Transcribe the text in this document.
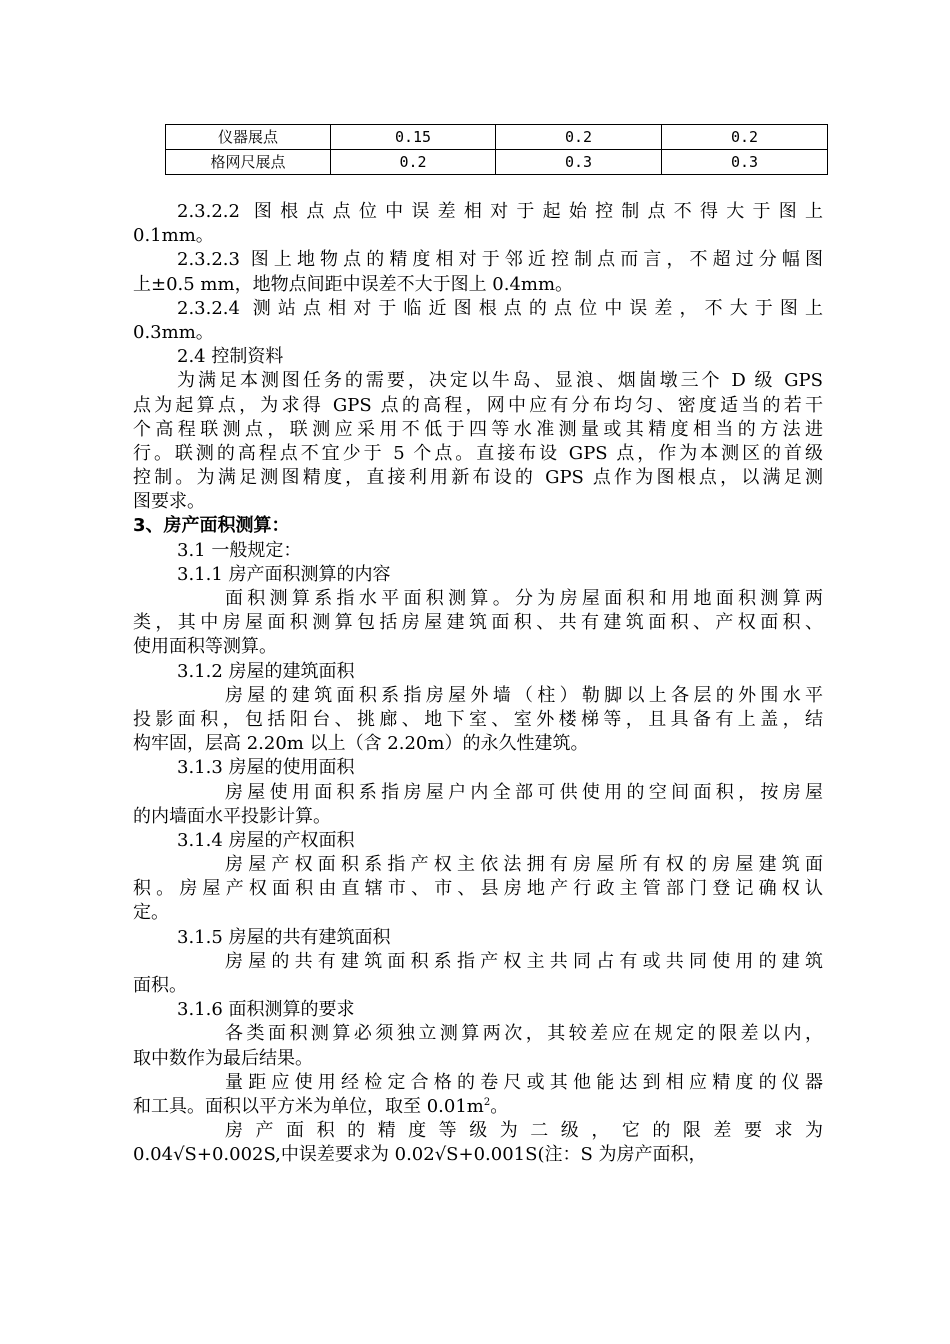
仪器展点	0.15	0.2	0.2
格网尺展点	0.2	0.3	0.3
2.3.2.2 图根点点位中误差相对于起始控制点不得大于图上
0.1mm。
2.3.2.3 图上地物点的精度相对于邻近控制点而言，不超过分幅图
上±0.5 mm，地物点间距中误差不大于图上 0.4mm。
2.3.2.4 测站点相对于临近图根点的点位中误差，不大于图上
0.3mm。
2.4 控制资料
为满足本测图任务的需要，决定以牛岛、显浪、烟崮墩三个 D 级 GPS
点为起算点，为求得 GPS 点的高程，网中应有分布均匀、密度适当的若干
个高程联测点，联测应采用不低于四等水准测量或其精度相当的方法进
行。联测的高程点不宜少于 5 个点。直接布设 GPS 点，作为本测区的首级
控制。为满足测图精度，直接利用新布设的 GPS 点作为图根点，以满足测
图要求。
3、房产面积测算：
3.1 一般规定：
3.1.1 房产面积测算的内容
面积测算系指水平面积测算。分为房屋面积和用地面积测算两
类，其中房屋面积测算包括房屋建筑面积、共有建筑面积、产权面积、
使用面积等测算。
3.1.2 房屋的建筑面积
房屋的建筑面积系指房屋外墙（柱）勒脚以上各层的外围水平
投影面积，包括阳台、挑廊、地下室、室外楼梯等，且具备有上盖，结
构牢固，层高 2.20m 以上（含 2.20m）的永久性建筑。
3.1.3 房屋的使用面积
房屋使用面积系指房屋户内全部可供使用的空间面积，按房屋
的内墙面水平投影计算。
3.1.4 房屋的产权面积
房屋产权面积系指产权主依法拥有房屋所有权的房屋建筑面
积。房屋产权面积由直辖市、市、县房地产行政主管部门登记确权认
定。
3.1.5 房屋的共有建筑面积
房屋的共有建筑面积系指产权主共同占有或共同使用的建筑
面积。
3.1.6 面积测算的要求
各类面积测算必须独立测算两次，其较差应在规定的限差以内，
取中数作为最后结果。
量距应使用经检定合格的卷尺或其他能达到相应精度的仪器
和工具。面积以平方米为单位，取至 $0.01m^2$。
房产面积的精度等级为二级，它的限差要求为
0.04√S+0.002S,中误差要求为 0.02√S+0.001S(注：S 为房产面积，
